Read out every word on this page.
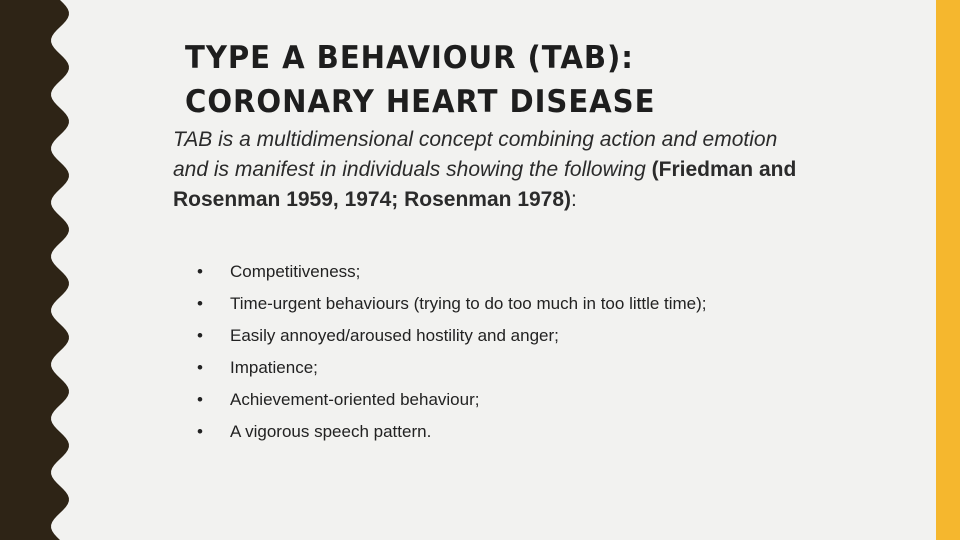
TYPE A BEHAVIOUR (TAB): CORONARY HEART DISEASE

TAB is a multidimensional concept combining action and emotion and is manifest in individuals showing the following (Friedman and Rosenman 1959, 1974; Rosenman 1978):

• Competitiveness;
• Time-urgent behaviours (trying to do too much in too little time);
• Easily annoyed/aroused hostility and anger;
• Impatience;
• Achievement-oriented behaviour;
• A vigorous speech pattern.
